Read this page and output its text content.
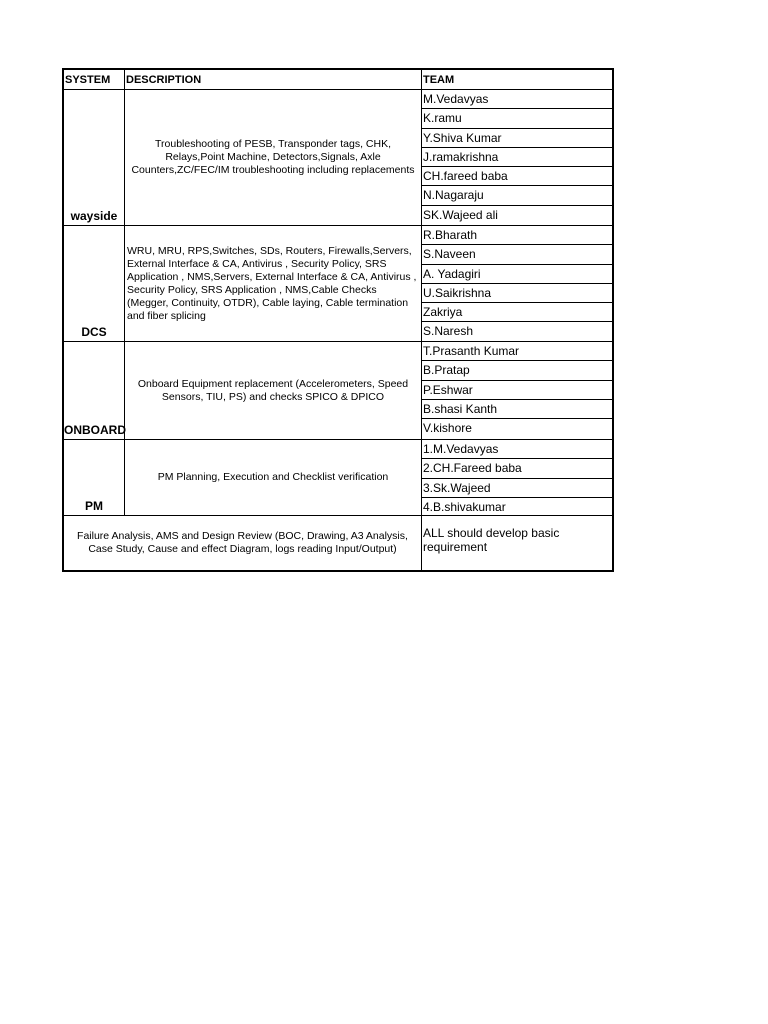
SYSTEM	DESCRIPTION	TEAM
wayside
Troubleshooting of PESB, Transponder tags, CHK, Relays,Point Machine, Detectors,Signals, Axle Counters,ZC/FEC/IM troubleshooting including replacements
M.Vedavyas
K.ramu
Y.Shiva Kumar
J.ramakrishna
CH.fareed baba
N.Nagaraju
SK.Wajeed ali
DCS
WRU, MRU, RPS,Switches, SDs, Routers, Firewalls,Servers, External Interface & CA, Antivirus , Security Policy, SRS Application , NMS,Servers, External Interface & CA, Antivirus , Security Policy, SRS Application , NMS,Cable Checks (Megger, Continuity, OTDR), Cable laying, Cable termination and fiber splicing
R.Bharath
S.Naveen
A. Yadagiri
U.Saikrishna
Zakriya
S.Naresh
ONBOARD
Onboard Equipment replacement (Accelerometers, Speed Sensors, TIU, PS) and checks SPICO & DPICO
T.Prasanth Kumar
B.Pratap
P.Eshwar
B.shasi Kanth
V.kishore
PM
PM Planning, Execution and Checklist verification
1.M.Vedavyas
2.CH.Fareed baba
3.Sk.Wajeed
4.B.shivakumar
Failure Analysis, AMS and Design Review (BOC, Drawing, A3 Analysis, Case Study, Cause and effect Diagram, logs reading Input/Output)
ALL should develop basic requirement
